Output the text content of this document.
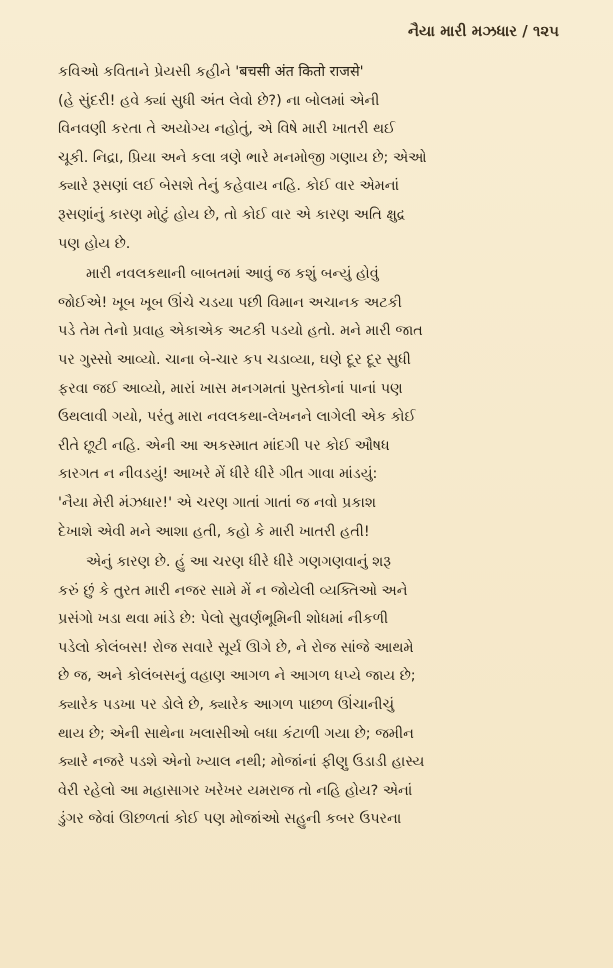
નૈયા મારી મઝધાર / ૧૨૫
કવિઓ કવિતાને પ્રેયસી કહીને 'बचसी अंत कितो राजसे'
(હે સુંદરી! હવે ક્યાં સુધી અંત લેવો છે?) ના બોલમાં એની
વિનવણી કરતા તે અયોગ્ય નહોતું, એ વિષે મારી ખાતરી થઈ
ચૂકી. નિદ્રા, પ્રિયા અને કલા ત્રણે ભારે મનમોજી ગણાય છે; એઓ
ક્યારે રૂસણાં લઈ બેસશે તેનું કહેવાય નહિ. કોઈ વાર એમનાં
રૂસણાંનું કારણ મોટું હોય છે, તો કોઈ વાર એ કારણ અતિ ક્ષુદ્ર
પણ હોય છે.
મારી નવલકથાની બાબતમાં આવું જ કશું બન્યું હોવું
જોઈએ! ખૂબ ખૂબ ઊંચે ચડયા પછી વિમાન અચાનક અટકી
પડે તેમ તેનો પ્રવાહ એકાએક અટકી પડયો હતો. મને મારી જાત
પર ગુસ્સો આવ્યો. ચાના બે-ચાર કપ ચડાવ્યા, ઘણે દૂર દૂર સુધી
ફરવા જઈ આવ્યો, મારાં ખાસ મનગમતાં પુસ્તકોનાં પાનાં પણ
ઉથલાવી ગયો, પરંતુ મારા નવલકથા-લેખનને લાગેલી એક કોઈ
રીતે છૂટી નહિ. એની આ અકસ્માત માંદગી પર કોઈ ઔષધ
કારગત ન નીવડયું! આખરે મેં ધીરે ધીરે ગીત ગાવા માંડયું:
'નૈયા મેરી મંઝધાર!' એ ચરણ ગાતાં ગાતાં જ નવો પ્રકાશ
દેખાશે એવી મને આશા હતી, કહો કે મારી ખાતરી હતી!
એનું કારણ છે. હું આ ચરણ ધીરે ધીરે ગણગણવાનું શરૂ
કરું છું કે તુરત મારી નજર સામે મેં ન જોયેલી વ્યક્તિઓ અને
પ્રસંગો ખડા થવા માંડે છે: પેલો સુવર્ણભૂમિની શોધમાં નીકળી
પડેલો કોલંબસ! રોજ સવારે સૂર્ય ઊગે છે, ને રોજ સાંજે આથમે
છે જ, અને કોલંબસનું વહાણ આગળ ને આગળ ધપ્યે જાય છે;
ક્યારેક પડખા પર ડોલે છે, ક્યારેક આગળ પાછળ ઊંચાનીચું
થાય છે; એની સાથેના ખલાસીઓ બધા કંટાળી ગયા છે; જમીન
ક્યારે નજરે પડશે એનો ખ્યાલ નથી; મોજાંનાં ફીણુ ઉડાડી હાસ્ય
વેરી રહેલો આ મહાસાગર ખરેખર યમરાજ તો નહિ હોય? એનાં
ડુંગર જેવાં ઊછળતાં કોઈ પણ મોજાંઓ સહુની કબર ઉપરના
